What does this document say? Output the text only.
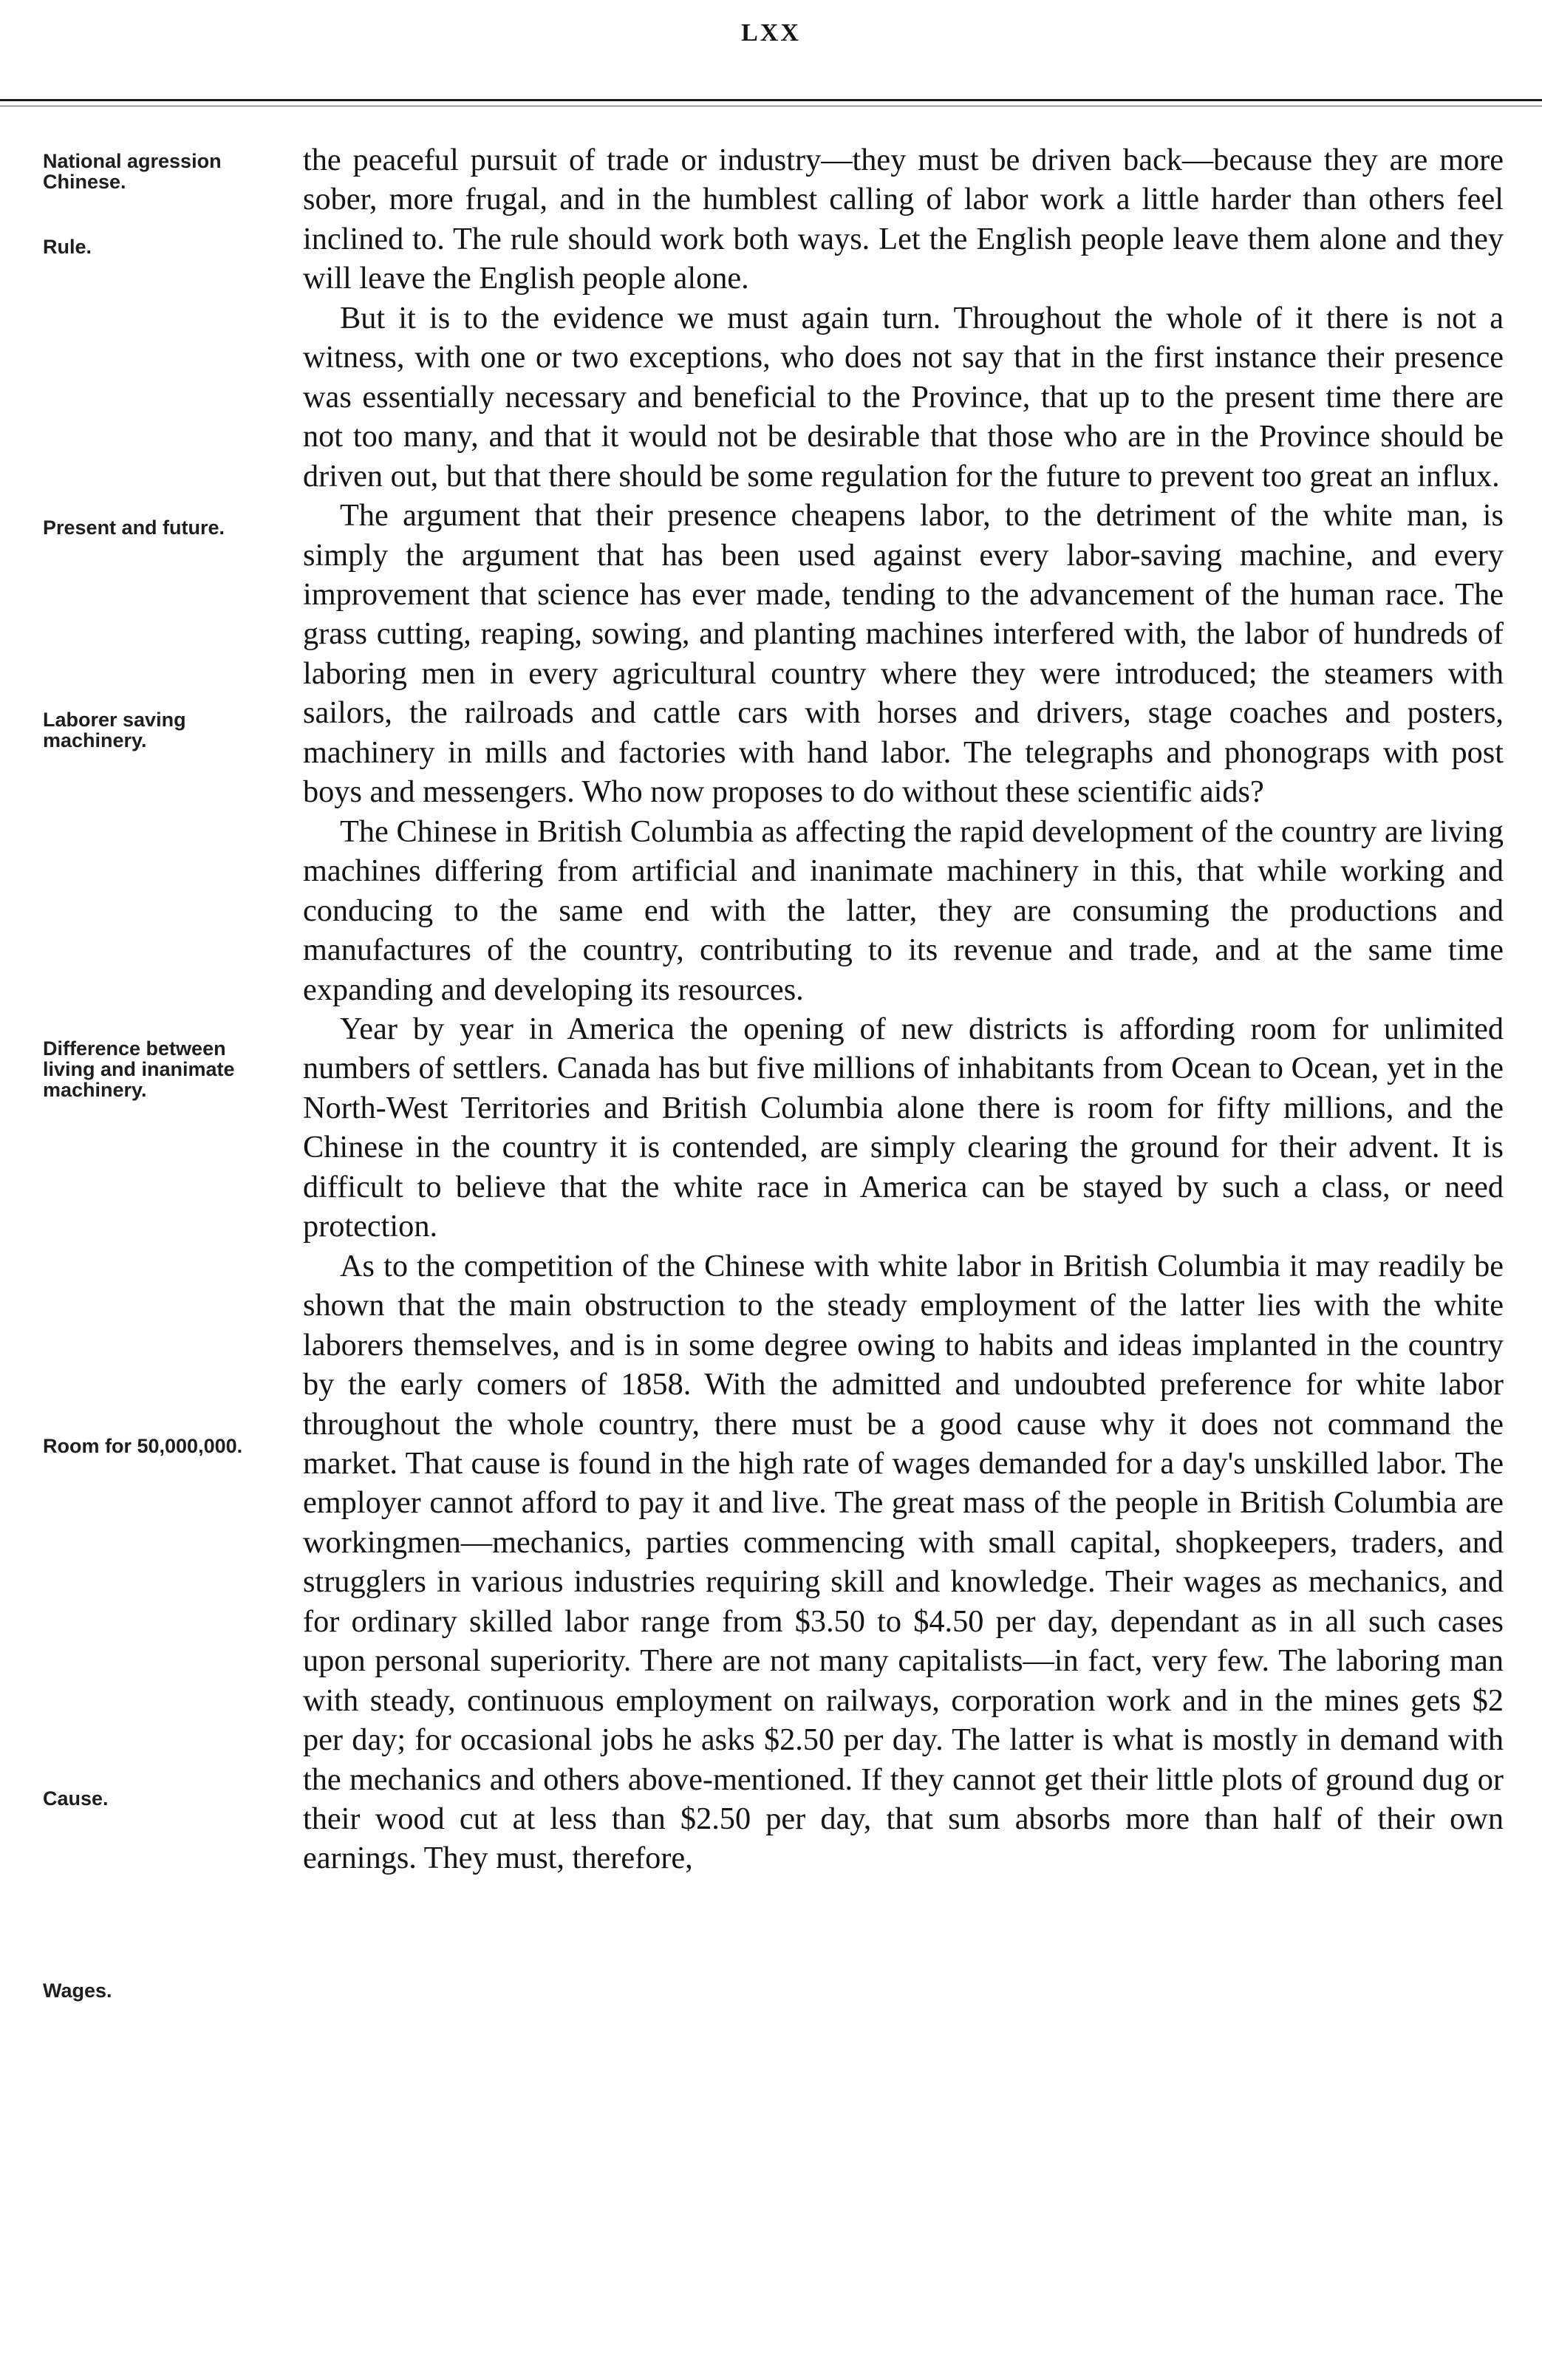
LXX
National agression Chinese.
Rule.
Present and future.
Laborer saving machinery.
Difference between living and inanimate machinery.
Room for 50,000,000.
Cause.
Wages.

the peaceful pursuit of trade or industry—they must be driven back—because they are more sober, more frugal, and in the humblest calling of labor work a little harder than others feel inclined to. The rule should work both ways. Let the English people leave them alone and they will leave the English people alone.

But it is to the evidence we must again turn. Throughout the whole of it there is not a witness, with one or two exceptions, who does not say that in the first instance their presence was essentially necessary and beneficial to the Province, that up to the present time there are not too many, and that it would not be desirable that those who are in the Province should be driven out, but that there should be some regulation for the future to prevent too great an influx.

The argument that their presence cheapens labor, to the detriment of the white man, is simply the argument that has been used against every labor-saving machine, and every improvement that science has ever made, tending to the advancement of the human race. The grass cutting, reaping, sowing, and planting machines interfered with, the labor of hundreds of laboring men in every agricultural country where they were introduced; the steamers with sailors, the railroads and cattle cars with horses and drivers, stage coaches and posters, machinery in mills and factories with hand labor. The telegraphs and phonograps with post boys and messengers. Who now proposes to do without these scientific aids?

The Chinese in British Columbia as affecting the rapid development of the country are living machines differing from artificial and inanimate machinery in this, that while working and conducing to the same end with the latter, they are consuming the productions and manufactures of the country, contributing to its revenue and trade, and at the same time expanding and developing its resources.

Year by year in America the opening of new districts is affording room for unlimited numbers of settlers. Canada has but five millions of inhabitants from Ocean to Ocean, yet in the North-West Territories and British Columbia alone there is room for fifty millions, and the Chinese in the country it is contended, are simply clearing the ground for their advent. It is difficult to believe that the white race in America can be stayed by such a class, or need protection.

As to the competition of the Chinese with white labor in British Columbia it may readily be shown that the main obstruction to the steady employment of the latter lies with the white laborers themselves, and is in some degree owing to habits and ideas implanted in the country by the early comers of 1858. With the admitted and undoubted preference for white labor throughout the whole country, there must be a good cause why it does not command the market. That cause is found in the high rate of wages demanded for a day's unskilled labor. The employer cannot afford to pay it and live. The great mass of the people in British Columbia are workingmen—mechanics, parties commencing with small capital, shopkeepers, traders, and strugglers in various industries requiring skill and knowledge. Their wages as mechanics, and for ordinary skilled labor range from $3.50 to $4.50 per day, dependant as in all such cases upon personal superiority. There are not many capitalists—in fact, very few. The laboring man with steady, continuous employment on railways, corporation work and in the mines gets $2 per day; for occasional jobs he asks $2.50 per day. The latter is what is mostly in demand with the mechanics and others above-mentioned. If they cannot get their little plots of ground dug or their wood cut at less than $2.50 per day, that sum absorbs more than half of their own earnings. They must, therefore,
